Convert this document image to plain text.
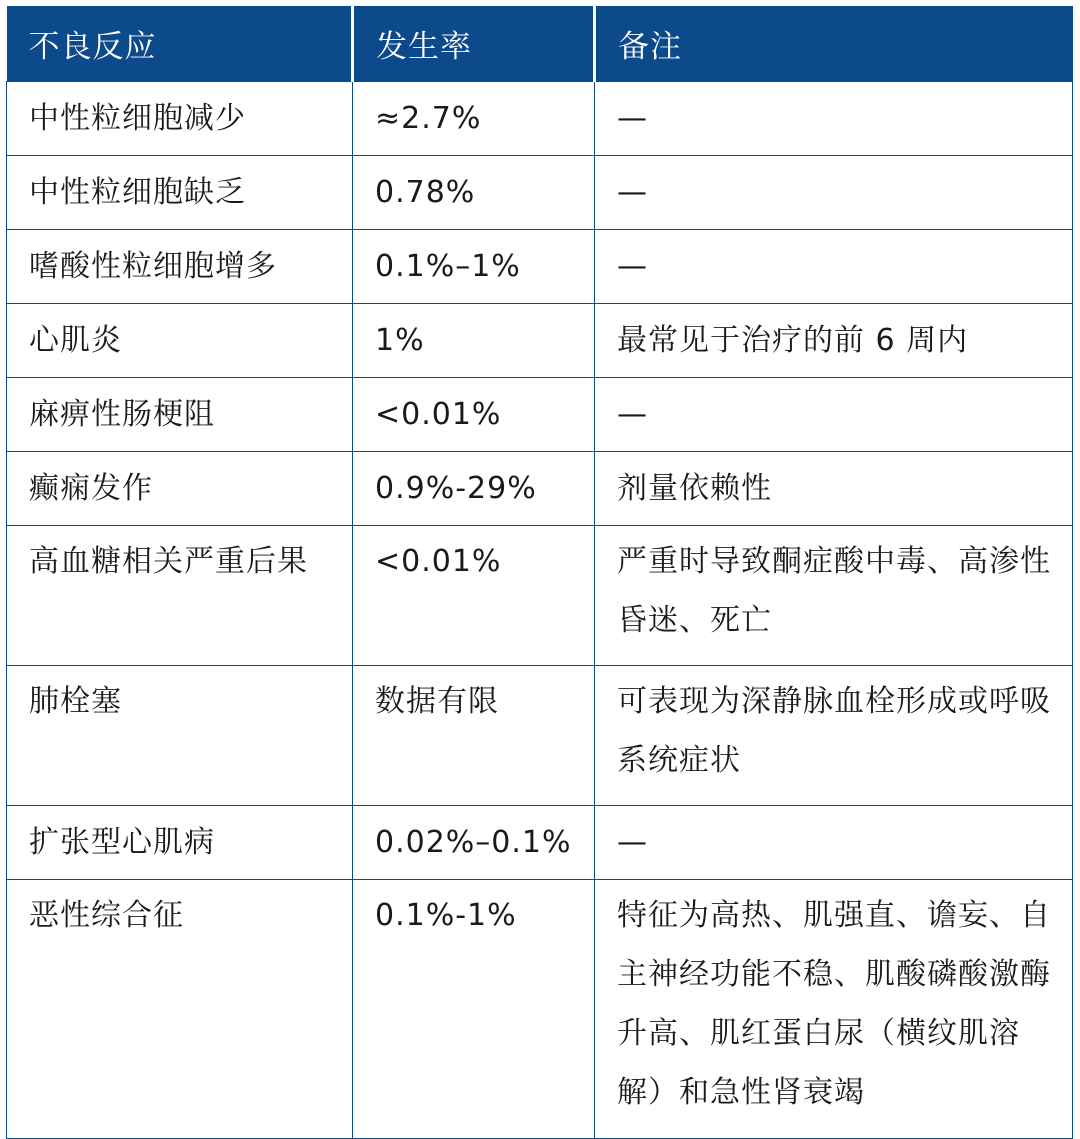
不良反应	发生率	备注
中性粒细胞减少	≈2.7%	—
中性粒细胞缺乏	0.78%	—
嗜酸性粒细胞增多	0.1%–1%	—
心肌炎	1%	最常见于治疗的前 6 周内
麻痹性肠梗阻	<0.01%	—
癫痫发作	0.9%-29%	剂量依赖性
高血糖相关严重后果	<0.01%	严重时导致酮症酸中毒、高渗性昏迷、死亡
肺栓塞	数据有限	可表现为深静脉血栓形成或呼吸系统症状
扩张型心肌病	0.02%–0.1%	—
恶性综合征	0.1%-1%	特征为高热、肌强直、谵妄、自主神经功能不稳、肌酸磷酸激酶升高、肌红蛋白尿（横纹肌溶解）和急性肾衰竭
